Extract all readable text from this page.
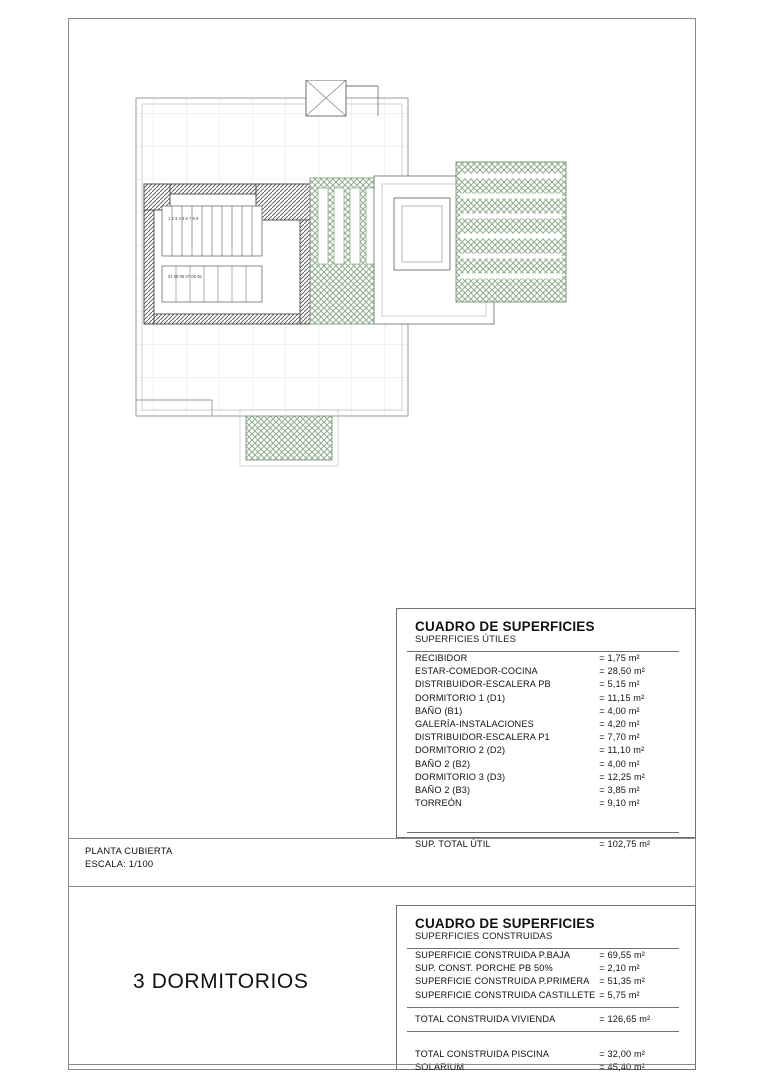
1 2 3 4 5 6 7 8 9
01 09 08 07 06 05
CUADRO DE SUPERFICIES
SUPERFICIES ÚTILES
RECIBIDOR	= 1,75 m²
ESTAR-COMEDOR-COCINA	= 28,50 m²
DISTRIBUIDOR-ESCALERA PB	= 5,15 m²
DORMITORIO 1 (D1)	= 11,15 m²
BAÑO (B1)	= 4,00 m²
GALERÍA-INSTALACIONES	= 4,20 m²
DISTRIBUIDOR-ESCALERA P1	= 7,70 m²
DORMITORIO 2 (D2)	= 11,10 m²
BAÑO 2 (B2)	= 4,00 m²
DORMITORIO 3 (D3)	= 12,25 m²
BAÑO 2 (B3)	= 3,85 m²
TORREÓN	= 9,10 m²
SUP. TOTAL ÚTIL	= 102,75 m²
CUADRO DE SUPERFICIES
SUPERFICIES CONSTRUIDAS
SUPERFICIE CONSTRUIDA P.BAJA	= 69,55 m²
SUP. CONST. PORCHE PB 50%	= 2,10 m²
SUPERFICIE CONSTRUIDA P.PRIMERA	= 51,35 m²
SUPERFICIE CONSTRUIDA CASTILLETE = 5,75 m²
TOTAL CONSTRUIDA VIVIENDA	= 126,65 m²
TOTAL CONSTRUIDA PISCINA	= 32,00 m²
SOLARIUM	= 45,40 m²
PLANTA CUBIERTA
ESCALA: 1/100
3 DORMITORIOS
